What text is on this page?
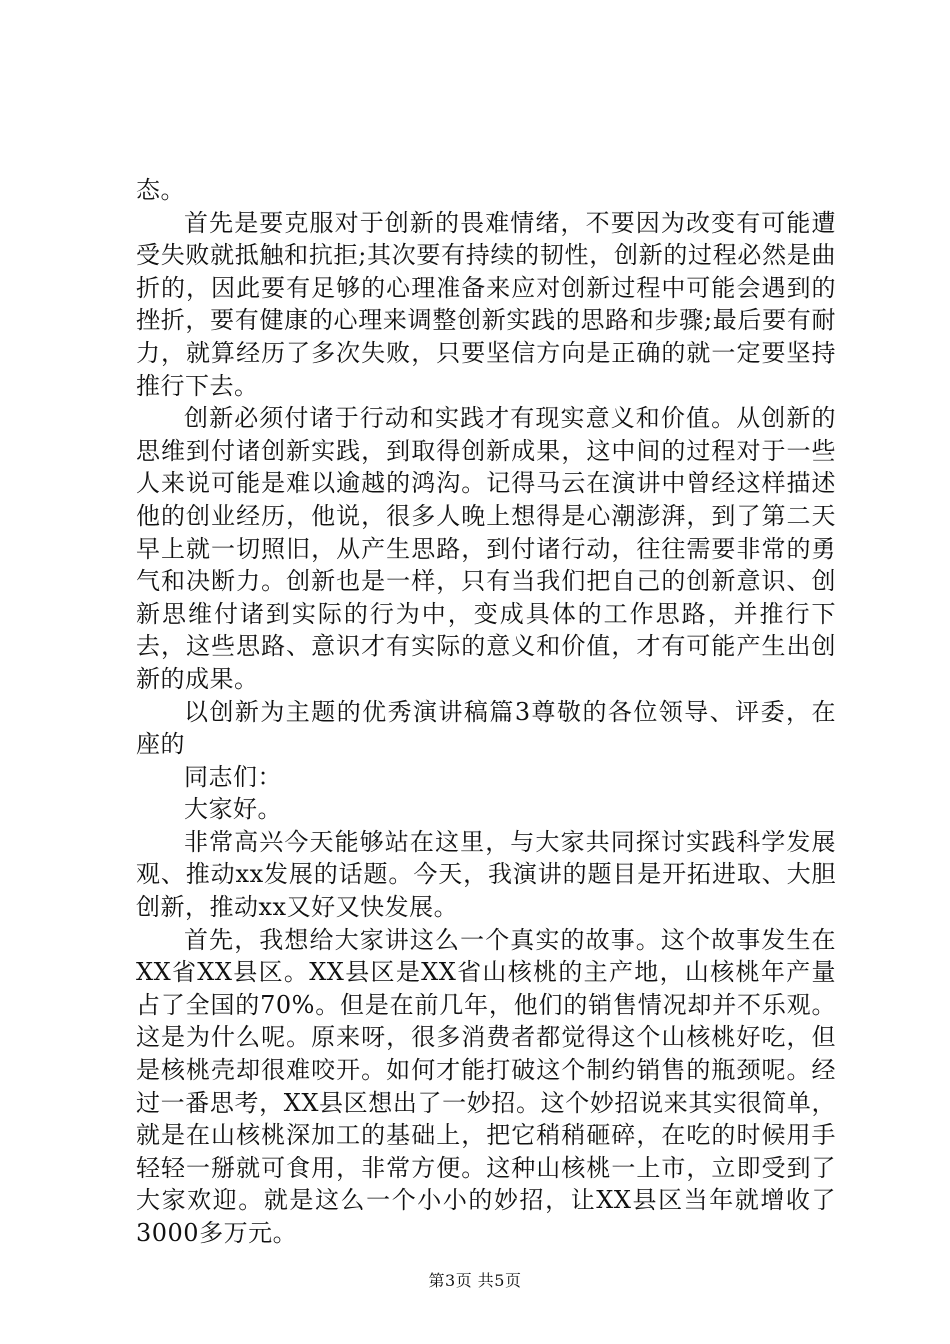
态。

首先是要克服对于创新的畏难情绪，不要因为改变有可能遭受失败就抵触和抗拒;其次要有持续的韧性，创新的过程必然是曲折的，因此要有足够的心理准备来应对创新过程中可能会遇到的挫折，要有健康的心理来调整创新实践的思路和步骤;最后要有耐力，就算经历了多次失败，只要坚信方向是正确的就一定要坚持推行下去。

创新必须付诸于行动和实践才有现实意义和价值。从创新的思维到付诸创新实践，到取得创新成果，这中间的过程对于一些人来说可能是难以逾越的鸿沟。记得马云在演讲中曾经这样描述他的创业经历，他说，很多人晚上想得是心潮澎湃，到了第二天早上就一切照旧，从产生思路，到付诸行动，往往需要非常的勇气和决断力。创新也是一样，只有当我们把自己的创新意识、创新思维付诸到实际的行为中，变成具体的工作思路，并推行下去，这些思路、意识才有实际的意义和价值，才有可能产生出创新的成果。

以创新为主题的优秀演讲稿篇3尊敬的各位领导、评委，在座的

同志们：

大家好。

非常高兴今天能够站在这里，与大家共同探讨实践科学发展观、推动xx发展的话题。今天，我演讲的题目是开拓进取、大胆创新，推动xx又好又快发展。

首先，我想给大家讲这么一个真实的故事。这个故事发生在XX省XX县区。XX县区是XX省山核桃的主产地，山核桃年产量占了全国的70%。但是在前几年，他们的销售情况却并不乐观。这是为什么呢。原来呀，很多消费者都觉得这个山核桃好吃，但是核桃壳却很难咬开。如何才能打破这个制约销售的瓶颈呢。经过一番思考，XX县区想出了一妙招。这个妙招说来其实很简单，就是在山核桃深加工的基础上，把它稍稍砸碎，在吃的时候用手轻轻一掰就可食用，非常方便。这种山核桃一上市，立即受到了大家欢迎。就是这么一个小小的妙招，让XX县区当年就增收了3000多万元。

第3页 共5页
